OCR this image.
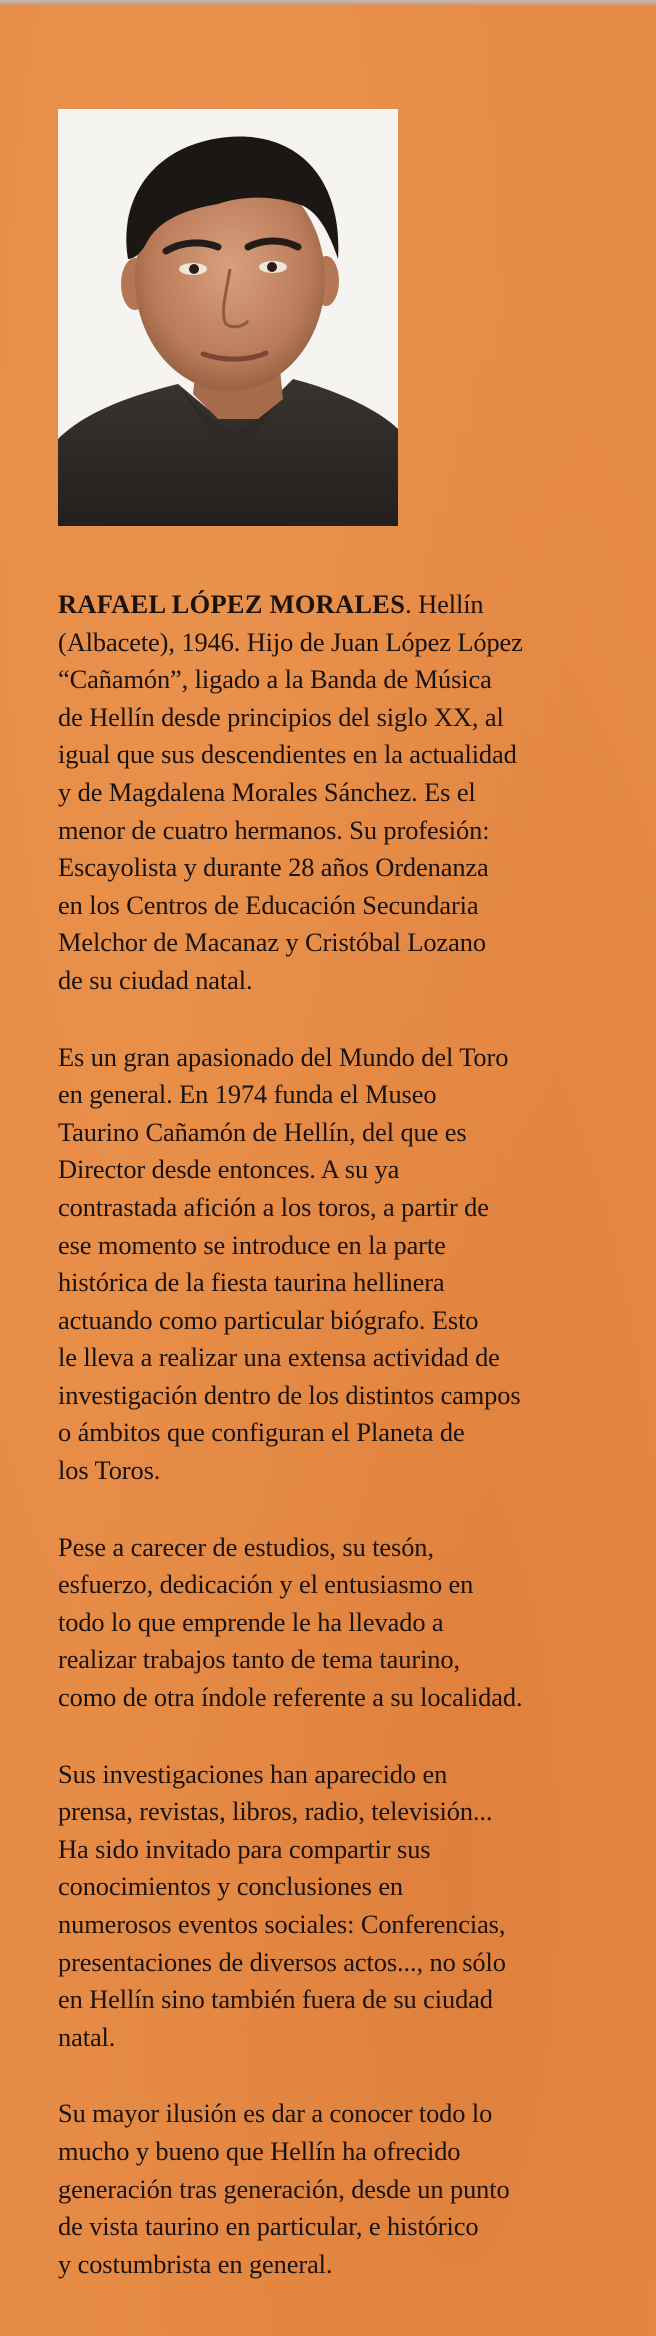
RAFAEL LÓPEZ MORALES. Hellín
(Albacete), 1946. Hijo de Juan López López
“Cañamón”, ligado a la Banda de Música
de Hellín desde principios del siglo XX, al
igual que sus descendientes en la actualidad
y de Magdalena Morales Sánchez. Es el
menor de cuatro hermanos. Su profesión:
Escayolista y durante 28 años Ordenanza
en los Centros de Educación Secundaria
Melchor de Macanaz y Cristóbal Lozano
de su ciudad natal.

Es un gran apasionado del Mundo del Toro
en general. En 1974 funda el Museo
Taurino Cañamón de Hellín, del que es
Director desde entonces. A su ya
contrastada afición a los toros, a partir de
ese momento se introduce en la parte
histórica de la fiesta taurina hellinera
actuando como particular biógrafo. Esto
le lleva a realizar una extensa actividad de
investigación dentro de los distintos campos
o ámbitos que configuran el Planeta de
los Toros.

Pese a carecer de estudios, su tesón,
esfuerzo, dedicación y el entusiasmo en
todo lo que emprende le ha llevado a
realizar trabajos tanto de tema taurino,
como de otra índole referente a su localidad.

Sus investigaciones han aparecido en
prensa, revistas, libros, radio, televisión...
Ha sido invitado para compartir sus
conocimientos y conclusiones en
numerosos eventos sociales: Conferencias,
presentaciones de diversos actos..., no sólo
en Hellín sino también fuera de su ciudad
natal.

Su mayor ilusión es dar a conocer todo lo
mucho y bueno que Hellín ha ofrecido
generación tras generación, desde un punto
de vista taurino en particular, e histórico
y costumbrista en general.
